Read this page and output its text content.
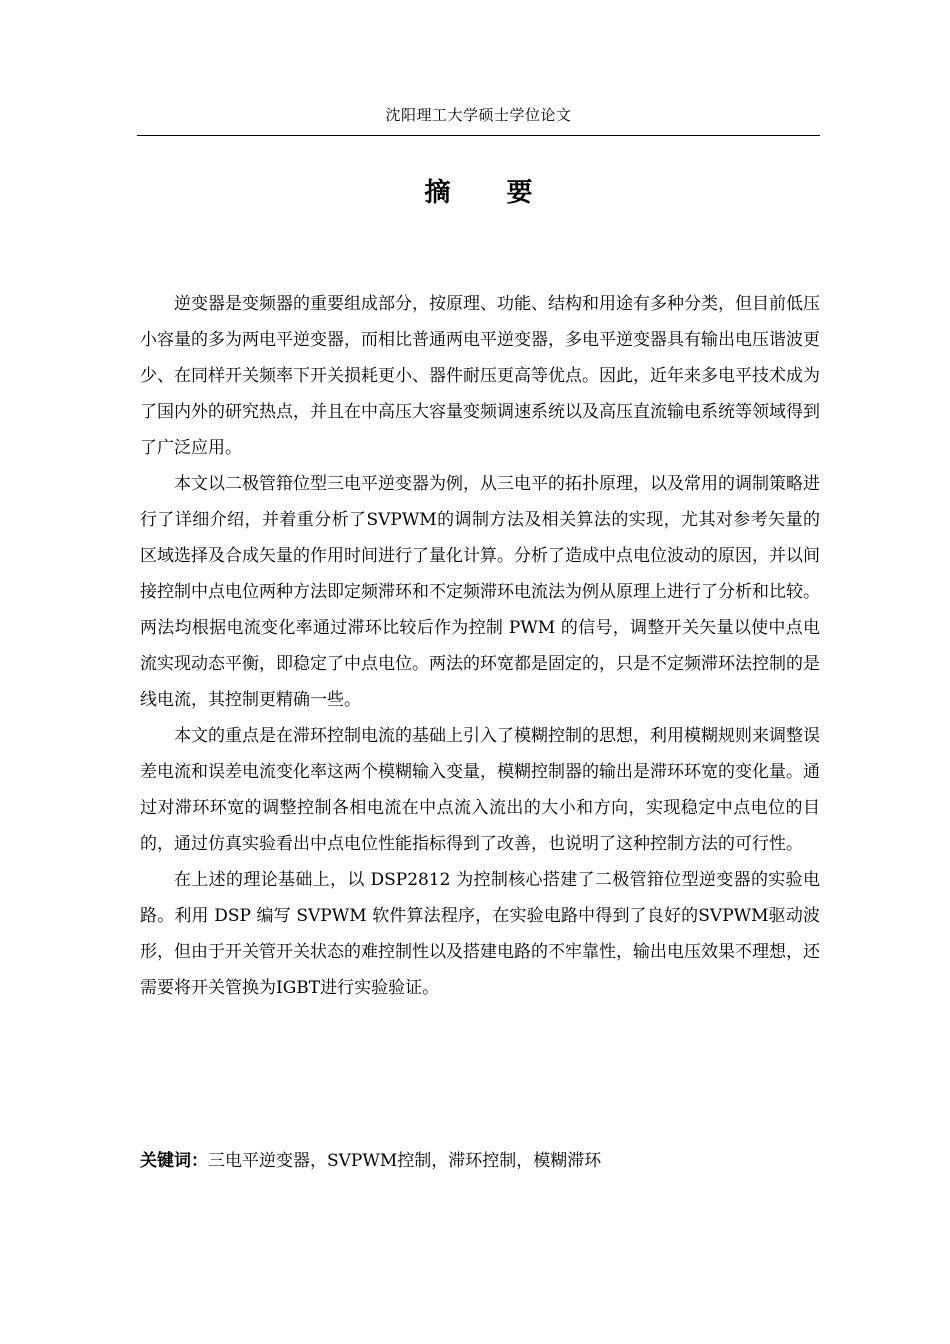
沈阳理工大学硕士学位论文
摘要

逆变器是变频器的重要组成部分，按原理、功能、结构和用途有多种分类，但目前低压小容量的多为两电平逆变器，而相比普通两电平逆变器，多电平逆变器具有输出电压谐波更少、在同样开关频率下开关损耗更小、器件耐压更高等优点。因此，近年来多电平技术成为了国内外的研究热点，并且在中高压大容量变频调速系统以及高压直流输电系统等领域得到了广泛应用。

本文以二极管箝位型三电平逆变器为例，从三电平的拓扑原理，以及常用的调制策略进行了详细介绍，并着重分析了SVPWM的调制方法及相关算法的实现，尤其对参考矢量的区域选择及合成矢量的作用时间进行了量化计算。分析了造成中点电位波动的原因，并以间接控制中点电位两种方法即定频滞环和不定频滞环电流法为例从原理上进行了分析和比较。两法均根据电流变化率通过滞环比较后作为控制 PWM 的信号，调整开关矢量以使中点电流实现动态平衡，即稳定了中点电位。两法的环宽都是固定的，只是不定频滞环法控制的是线电流，其控制更精确一些。

本文的重点是在滞环控制电流的基础上引入了模糊控制的思想，利用模糊规则来调整误差电流和误差电流变化率这两个模糊输入变量，模糊控制器的输出是滞环环宽的变化量。通过对滞环环宽的调整控制各相电流在中点流入流出的大小和方向，实现稳定中点电位的目的，通过仿真实验看出中点电位性能指标得到了改善，也说明了这种控制方法的可行性。

在上述的理论基础上，以 DSP2812 为控制核心搭建了二极管箝位型逆变器的实验电路。利用 DSP 编写 SVPWM 软件算法程序，在实验电路中得到了良好的SVPWM驱动波形，但由于开关管开关状态的难控制性以及搭建电路的不牢靠性，输出电压效果不理想，还需要将开关管换为IGBT进行实验验证。

关键词：三电平逆变器，SVPWM控制，滞环控制，模糊滞环
